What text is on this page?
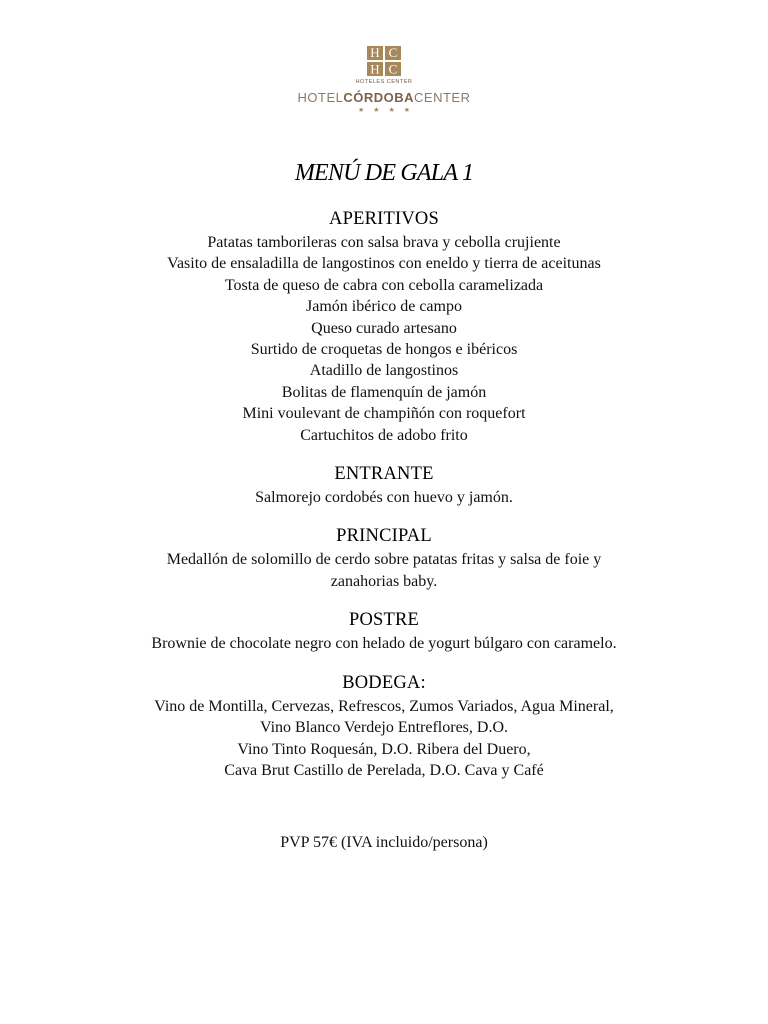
H C
H C
HOTELES CENTER
HOTELCÓRDOBACENTER
★★★★
MENÚ DE GALA 1
APERITIVOS
Patatas tamborileras con salsa brava y cebolla crujiente
Vasito de ensaladilla de langostinos con eneldo y tierra de aceitunas
Tosta de queso de cabra con cebolla caramelizada
Jamón ibérico de campo
Queso curado artesano
Surtido de croquetas de hongos e ibéricos
Atadillo de langostinos
Bolitas de flamenquín de jamón
Mini voulevant de champiñón con roquefort
Cartuchitos de adobo frito
ENTRANTE
Salmorejo cordobés con huevo y jamón.
PRINCIPAL
Medallón de solomillo de cerdo sobre patatas fritas y salsa de foie y
zanahorias baby.
POSTRE
Brownie de chocolate negro con helado de yogurt búlgaro con caramelo.
BODEGA:
Vino de Montilla, Cervezas, Refrescos, Zumos Variados, Agua Mineral,
Vino Blanco Verdejo Entreflores, D.O.
Vino Tinto Roquesán, D.O. Ribera del Duero,
Cava Brut Castillo de Perelada, D.O. Cava y Café
PVP 57€ (IVA incluido/persona)
